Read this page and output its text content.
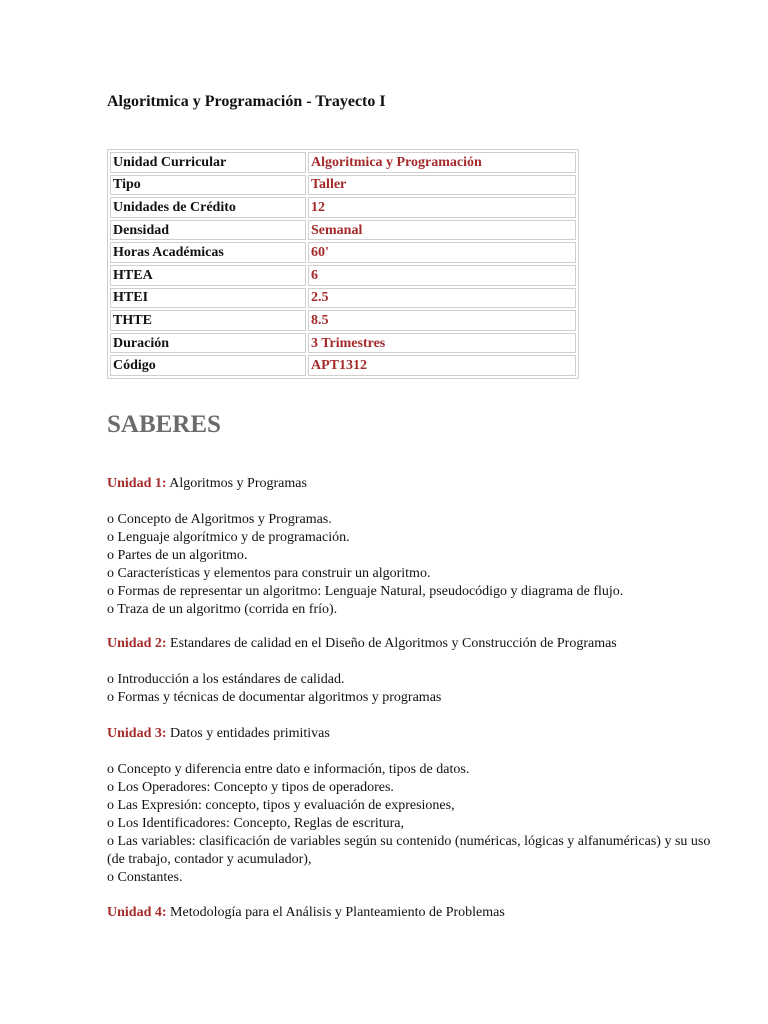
Algoritmica y Programación - Trayecto I
Unidad Curricular	Algoritmica y Programación
Tipo	Taller
Unidades de Crédito	12
Densidad	Semanal
Horas Académicas	60'
HTEA	6
HTEI	2.5
THTE	8.5
Duración	3 Trimestres
Código	APT1312
SABERES

Unidad 1: Algoritmos y Programas

o Concepto de Algoritmos y Programas.
o Lenguaje algorítmico y de programación.
o Partes de un algoritmo.
o Características y elementos para construir un algoritmo.
o Formas de representar un algoritmo: Lenguaje Natural, pseudocódigo y diagrama de flujo.
o Traza de un algoritmo (corrida en frío).

Unidad 2: Estandares de calidad en el Diseño de Algoritmos y Construcción de Programas

o Introducción a los estándares de calidad.
o Formas y técnicas de documentar algoritmos y programas

Unidad 3: Datos y entidades primitivas

o Concepto y diferencia entre dato e información, tipos de datos.
o Los Operadores: Concepto y tipos de operadores.
o Las Expresión: concepto, tipos y evaluación de expresiones,
o Los Identificadores: Concepto, Reglas de escritura,
o Las variables: clasificación de variables según su contenido (numéricas, lógicas y alfanuméricas) y su uso (de trabajo, contador y acumulador),
o Constantes.

Unidad 4: Metodología para el Análisis y Planteamiento de Problemas
